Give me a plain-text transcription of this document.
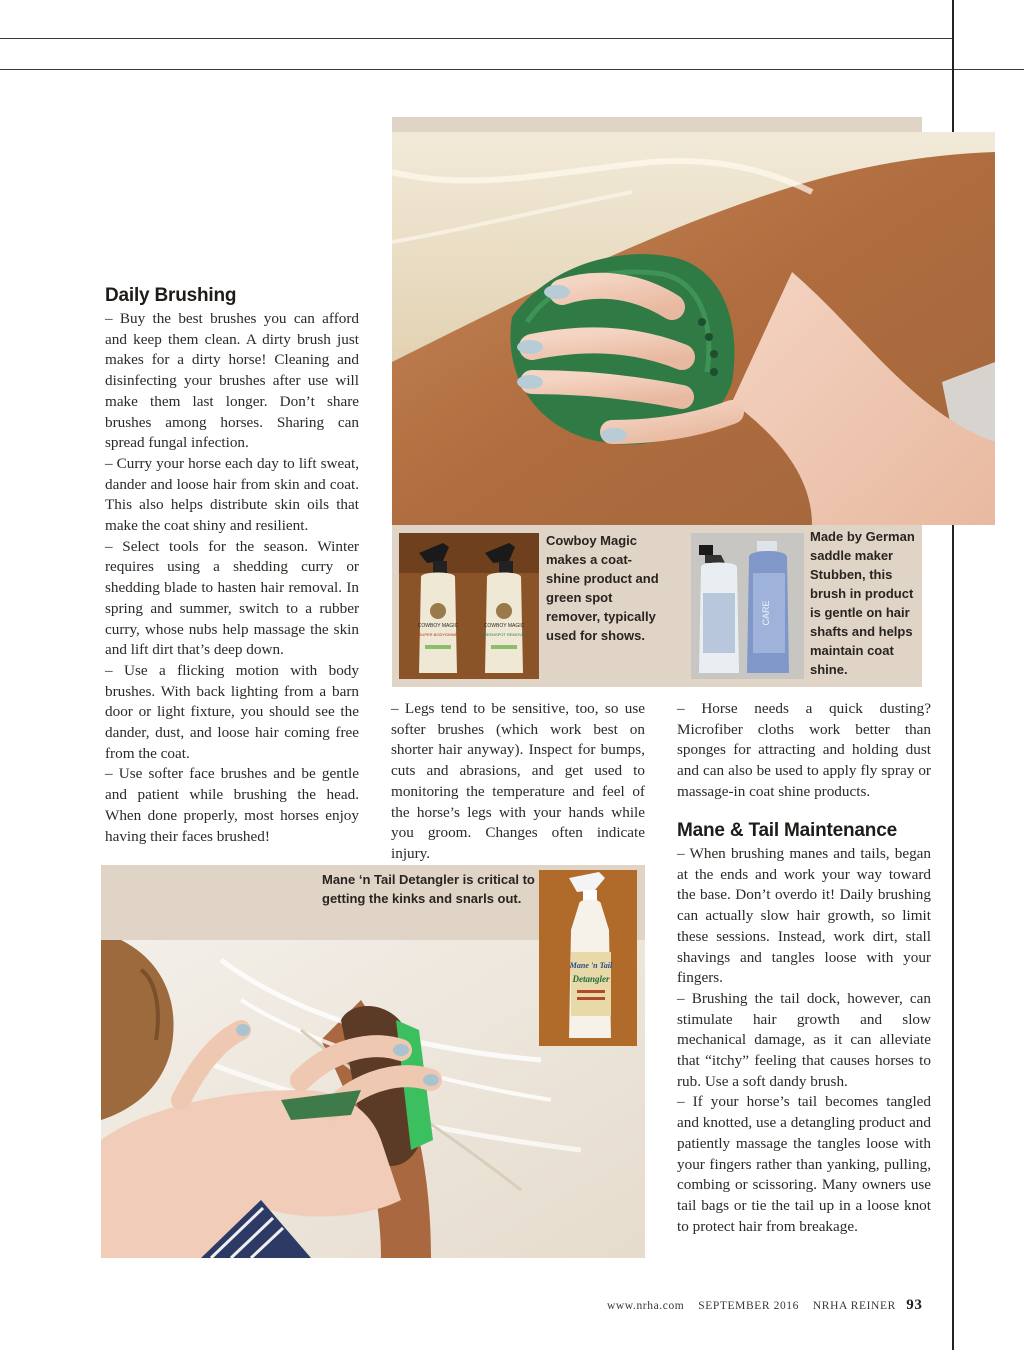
Daily Brushing

– Buy the best brushes you can afford and keep them clean. A dirty brush just makes for a dirty horse! Cleaning and disinfecting your brushes after use will make them last longer. Don’t share brushes among horses. Sharing can spread fungal infection.

– Curry your horse each day to lift sweat, dander and loose hair from skin and coat. This also helps distribute skin oils that make the coat shiny and resilient.

– Select tools for the season. Winter requires using a shedding curry or shedding blade to hasten hair removal. In spring and summer, switch to a rubber curry, whose nubs help massage the skin and lift dirt that’s deep down.

– Use a flicking motion with body brushes. With back lighting from a barn door or light fixture, you should see the dander, dust, and loose hair coming free from the coat.

– Use softer face brushes and be gentle and patient while brushing the head. When done properly, most horses enjoy having their faces brushed!

COWBOY MAGIC
SUPER BODYSHINE
COWBOY MAGIC
GREENSPOT REMOVER
Cowboy Magic makes a coat-shine product and green spot remover, typically used for shows.
CARE
Made by German saddle maker Stubben, this brush in product is gentle on hair shafts and helps maintain coat shine.

– Legs tend to be sensitive, too, so use softer brushes (which work best on shorter hair anyway). Inspect for bumps, cuts and abrasions, and get used to monitoring the temperature and feel of the horse’s legs with your hands while you groom. Changes often indicate injury.

– Horse needs a quick dusting? Microfiber cloths work better than sponges for attracting and holding dust and can also be used to apply fly spray or massage-in coat shine products.
Mane & Tail Maintenance

– When brushing manes and tails, began at the ends and work your way toward the base. Don’t overdo it! Daily brushing can actually slow hair growth, so limit these sessions. Instead, work dirt, stall shavings and tangles loose with your fingers.

– Brushing the tail dock, however, can stimulate hair growth and slow mechanical damage, as it can alleviate that “itchy” feeling that causes horses to rub. Use a soft dandy brush.

– If your horse’s tail becomes tangled and knotted, use a detangling product and patiently massage the tangles loose with your fingers rather than yanking, pulling, combing or scissoring. Many owners use tail bags or tie the tail up in a loose knot to protect hair from breakage.

Mane ‘n Tail Detangler is critical to getting the kinks and snarls out.
Mane 'n Tail
Detangler
www.nrha.com SEPTEMBER 2016 NRHA REINER 93
